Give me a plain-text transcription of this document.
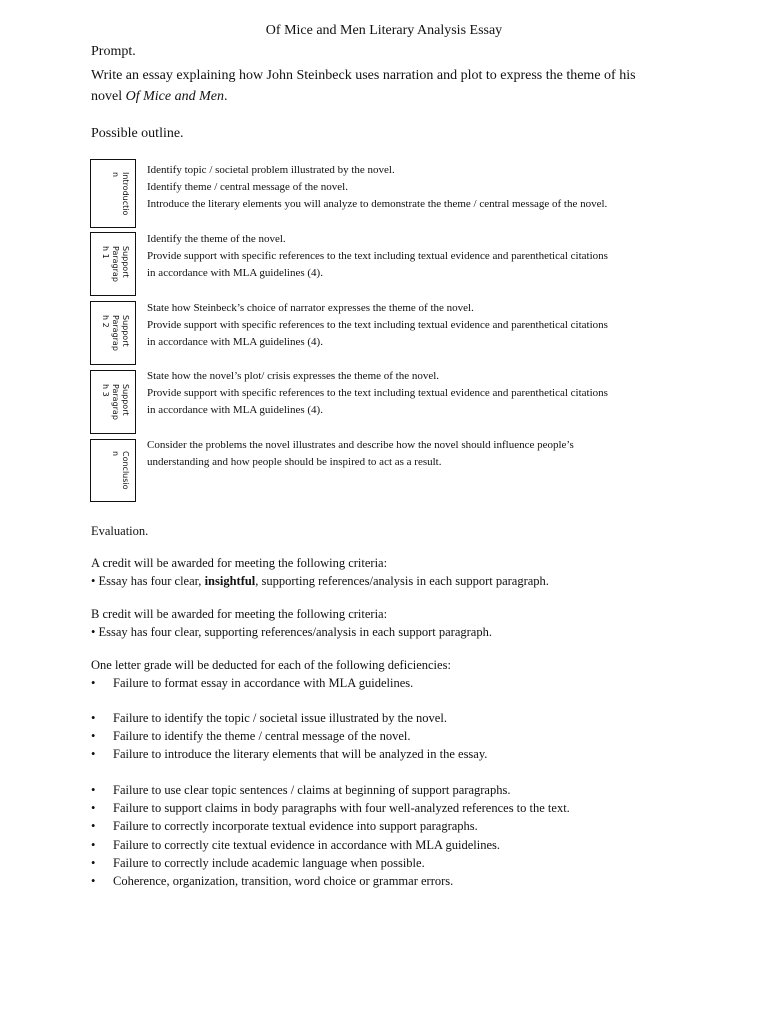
Of Mice and Men Literary Analysis Essay
Prompt.
Write an essay explaining how John Steinbeck uses narration and plot to express the theme of his
novel Of Mice and Men.
Possible outline.
Introductio
n	Identify topic / societal problem illustrated by the novel.
Identify theme / central message of the novel.
Introduce the literary elements you will analyze to demonstrate the theme / central message of the novel.
Support
Paragrap
h 1
Identify the theme of the novel.
Provide support with specific references to the text including textual evidence and parenthetical citations
in accordance with MLA guidelines (4).
Support
Paragrap
h 2
State how Steinbeck’s choice of narrator expresses the theme of the novel.
Provide support with specific references to the text including textual evidence and parenthetical citations
in accordance with MLA guidelines (4).
Support
Paragrap
h 3
State how the novel’s plot/ crisis expresses the theme of the novel.
Provide support with specific references to the text including textual evidence and parenthetical citations
in accordance with MLA guidelines (4).
Conclusio
n
Consider the problems the novel illustrates and describe how the novel should influence people’s
understanding and how people should be inspired to act as a result.
Evaluation.
A credit will be awarded for meeting the following criteria:
• Essay has four clear, insightful, supporting references/analysis in each support paragraph.
B credit will be awarded for meeting the following criteria:
• Essay has four clear, supporting references/analysis in each support paragraph.
One letter grade will be deducted for each of the following deficiencies:
• Failure to format essay in accordance with MLA guidelines.
• Failure to identify the topic / societal issue illustrated by the novel.
• Failure to identify the theme / central message of the novel.
• Failure to introduce the literary elements that will be analyzed in the essay.
• Failure to use clear topic sentences / claims at beginning of support paragraphs.
• Failure to support claims in body paragraphs with four well-analyzed references to the text.
• Failure to correctly incorporate textual evidence into support paragraphs.
• Failure to correctly cite textual evidence in accordance with MLA guidelines.
• Failure to correctly include academic language when possible.
• Coherence, organization, transition, word choice or grammar errors.
